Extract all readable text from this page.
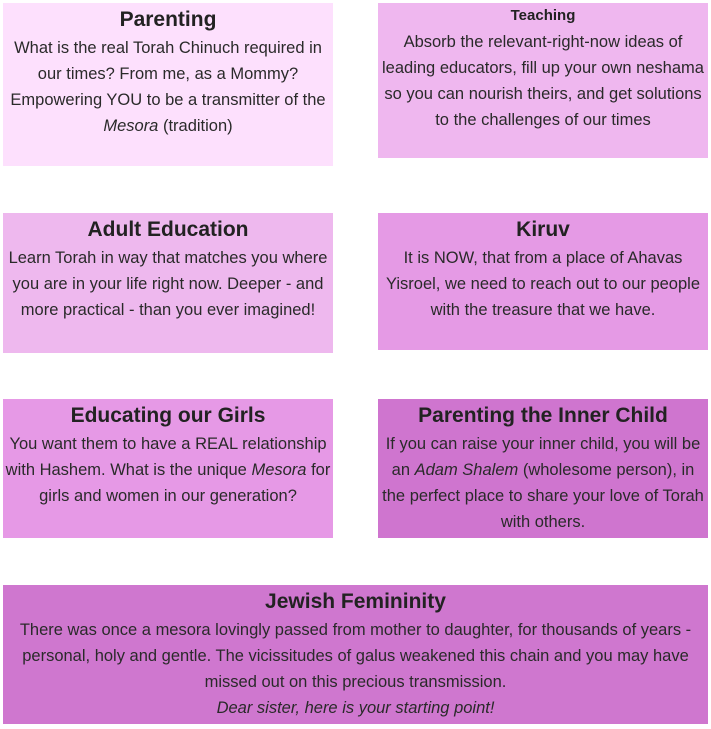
Parenting

What is the real Torah Chinuch required in our times? From me, as a Mommy? Empowering YOU to be a transmitter of the Mesora (tradition)

Teaching

Absorb the relevant-right-now ideas of leading educators, fill up your own neshama so you can nourish theirs, and get solutions to the challenges of our times

Adult Education

Learn Torah in way that matches you where you are in your life right now. Deeper - and more practical - than you ever imagined!

Kiruv

It is NOW, that from a place of Ahavas Yisroel, we need to reach out to our people with the treasure that we have.

Educating our Girls

You want them to have a REAL relationship with Hashem. What is the unique Mesora for girls and women in our generation?

Parenting the Inner Child

If you can raise your inner child, you will be an Adam Shalem (wholesome person), in the perfect place to share your love of Torah with others.

Jewish Femininity

There was once a mesora lovingly passed from mother to daughter, for thousands of years - personal, holy and gentle. The vicissitudes of galus weakened this chain and you may have missed out on this precious transmission.

Dear sister, here is your starting point!
